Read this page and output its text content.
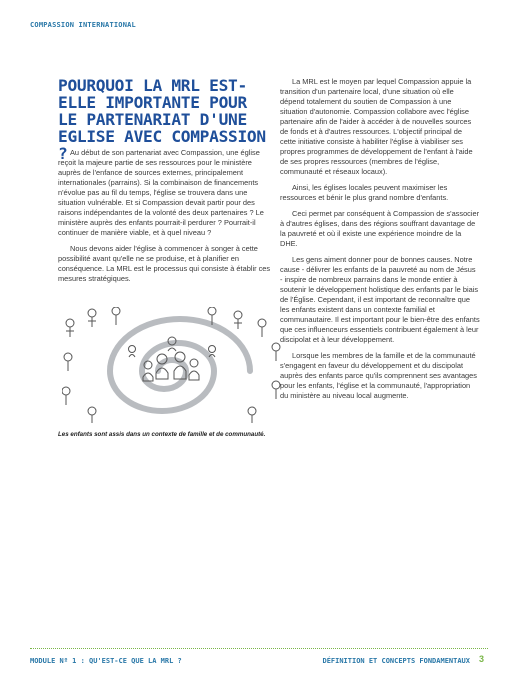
COMPASSION INTERNATIONAL
POURQUOI LA MRL EST-ELLE IMPORTANTE POUR LE PARTENARIAT D'UNE EGLISE AVEC COMPASSION ? Au début de son partenariat avec Compassion, une église reçoit la majeure partie de ses ressources pour le ministère auprès de l'enfance de sources externes, principalement internationales (parrains). Si la combinaison de financements n'évolue pas au fil du temps, l'église se trouvera dans une situation vulnérable. Et si Compassion devait partir pour des raisons indépendantes de la volonté des deux partenaires ? Le ministère auprès des enfants pourrait-il perdurer ? Pourrait-il continuer de manière viable, et à quel niveau ?

Nous devons aider l'église à commencer à songer à cette possibilité avant qu'elle ne se produise, et à planifier en conséquence. La MRL est le processus qui consiste à établir ces mesures stratégiques.

Les enfants sont assis dans un contexte de famille et de communauté.

La MRL est le moyen par lequel Compassion appuie la transition d'un partenaire local, d'une situation où elle dépend totalement du soutien de Compassion à une situation d'autonomie. Compassion collabore avec l'église partenaire afin de l'aider à accéder à de nouvelles sources de fonds et à d'autres ressources. L'objectif principal de cette initiative consiste à habiliter l'église à viabiliser ses propres programmes de développement de l'enfant à l'aide de ses propres ressources (membres de l'église, communauté et réseaux locaux).

Ainsi, les églises locales peuvent maximiser les ressources et bénir le plus grand nombre d'enfants.

Ceci permet par conséquent à Compassion de s'associer à d'autres églises, dans des régions souffrant davantage de la pauvreté et où il existe une expérience moindre de la DHE.

Les gens aiment donner pour de bonnes causes. Notre cause - délivrer les enfants de la pauvreté au nom de Jésus - inspire de nombreux parrains dans le monde entier à soutenir le développement holistique des enfants par le biais de l'Église. Cependant, il est important de reconnaître que les enfants existent dans un contexte familial et communautaire. Il est important pour le bien-être des enfants que ces influenceurs essentiels contribuent également à leur discipolat et à leur développement.

Lorsque les membres de la famille et de la communauté s'engagent en faveur du développement et du discipolat auprès des enfants parce qu'ils comprennent ses avantages pour les enfants, l'église et la communauté, l'appropriation du ministère au niveau local augmente.

MODULE Nº 1 : QU'EST-CE QUE LA MRL ?	DÉFINITION ET CONCEPTS FONDAMENTAUX 3
